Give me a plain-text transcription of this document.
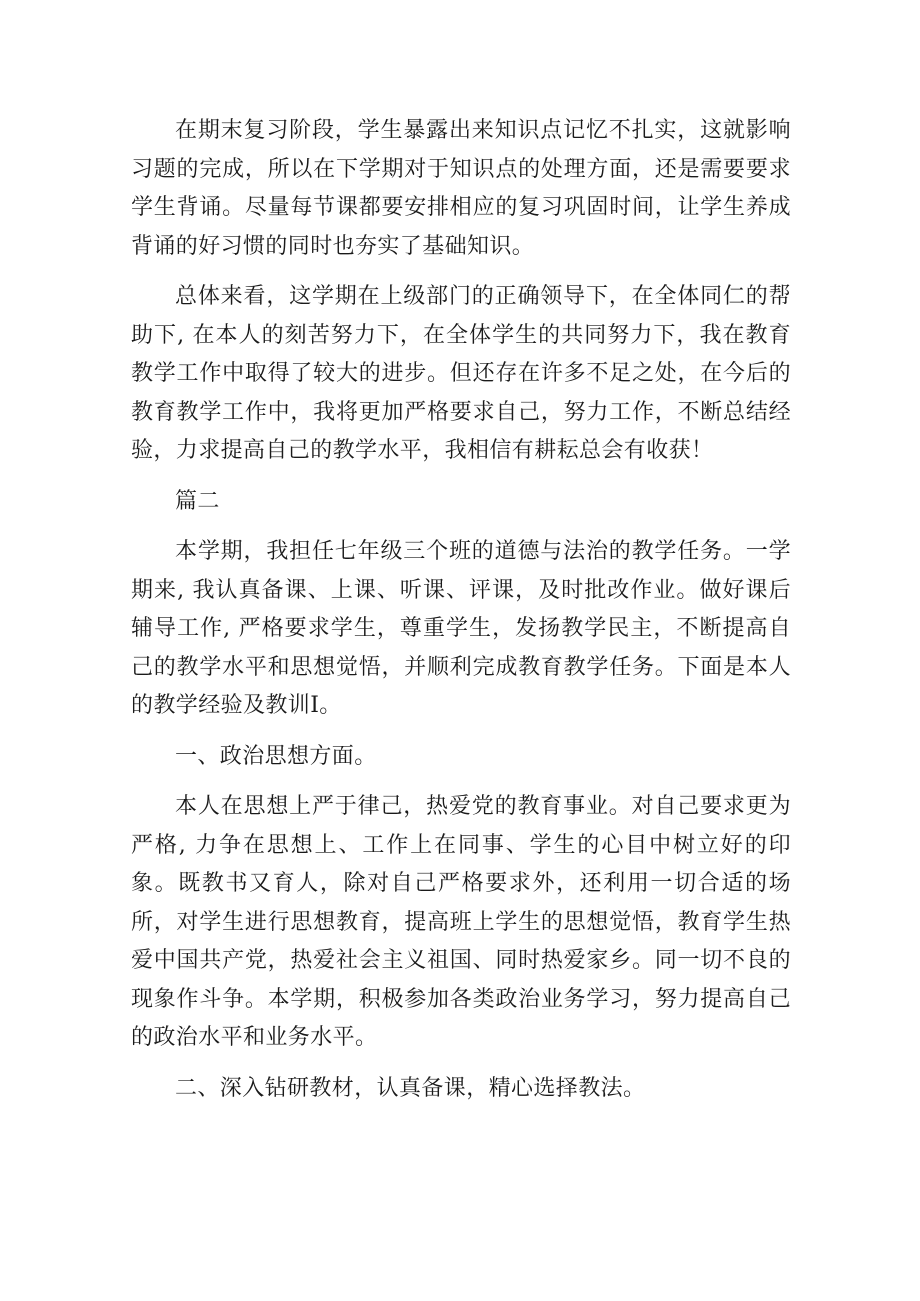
在期末复习阶段，学生暴露出来知识点记忆不扎实，这就影响习题的完成，所以在下学期对于知识点的处理方面，还是需要要求学生背诵。尽量每节课都要安排相应的复习巩固时间，让学生养成背诵的好习惯的同时也夯实了基础知识。

总体来看，这学期在上级部门的正确领导下，在全体同仁的帮助下, 在本人的刻苦努力下，在全体学生的共同努力下，我在教育教学工作中取得了较大的进步。但还存在许多不足之处，在今后的教育教学工作中，我将更加严格要求自己，努力工作，不断总结经验，力求提高自己的教学水平，我相信有耕耘总会有收获！

篇二

本学期，我担任七年级三个班的道德与法治的教学任务。一学期来, 我认真备课、上课、听课、评课，及时批改作业。做好课后辅导工作, 严格要求学生，尊重学生，发扬教学民主，不断提高自己的教学水平和思想觉悟，并顺利完成教育教学任务。下面是本人的教学经验及教训I。

一、政治思想方面。

本人在思想上严于律己，热爱党的教育事业。对自己要求更为严格, 力争在思想上、工作上在同事、学生的心目中树立好的印象。既教书又育人，除对自己严格要求外，还利用一切合适的场所，对学生进行思想教育，提高班上学生的思想觉悟，教育学生热爱中国共产党，热爱社会主义祖国、同时热爱家乡。同一切不良的现象作斗争。本学期，积极参加各类政治业务学习，努力提高自己的政治水平和业务水平。

二、深入钻研教材，认真备课，精心选择教法。
